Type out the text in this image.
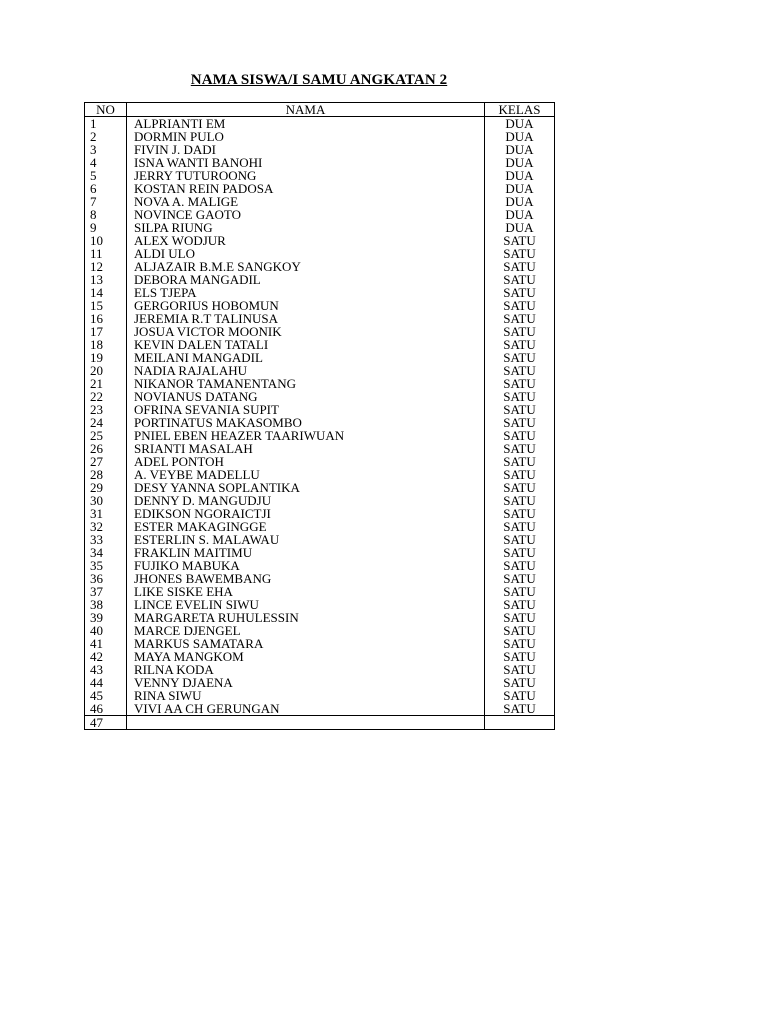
NAMA SISWA/I SAMU ANGKATAN 2
NO	NAMA	KELAS
1	ALPRIANTI EM	DUA
2	DORMIN PULO	DUA
3	FIVIN J. DADI	DUA
4	ISNA WANTI BANOHI	DUA
5	JERRY TUTUROONG	DUA
6	KOSTAN REIN PADOSA	DUA
7	NOVA A. MALIGE	DUA
8	NOVINCE GAOTO	DUA
9	SILPA RIUNG	DUA
10	ALEX WODJUR	SATU
11	ALDI ULO	SATU
12	ALJAZAIR B.M.E SANGKOY	SATU
13	DEBORA MANGADIL	SATU
14	ELS TJEPA	SATU
15	GERGORIUS HOBOMUN	SATU
16	JEREMIA R.T TALINUSA	SATU
17	JOSUA VICTOR MOONIK	SATU
18	KEVIN DALEN TATALI	SATU
19	MEILANI MANGADIL	SATU
20	NADIA RAJALAHU	SATU
21	NIKANOR TAMANENTANG	SATU
22	NOVIANUS DATANG	SATU
23	OFRINA SEVANIA SUPIT	SATU
24	PORTINATUS MAKASOMBO	SATU
25	PNIEL EBEN HEAZER TAARIWUAN	SATU
26	SRIANTI MASALAH	SATU
27	ADEL PONTOH	SATU
28	A. VEYBE MADELLU	SATU
29	DESY YANNA SOPLANTIKA	SATU
30	DENNY D. MANGUDJU	SATU
31	EDIKSON NGORAICTJI	SATU
32	ESTER MAKAGINGGE	SATU
33	ESTERLIN S. MALAWAU	SATU
34	FRAKLIN MAITIMU	SATU
35	FUJIKO MABUKA	SATU
36	JHONES BAWEMBANG	SATU
37	LIKE SISKE EHA	SATU
38	LINCE EVELIN SIWU	SATU
39	MARGARETA RUHULESSIN	SATU
40	MARCE DJENGEL	SATU
41	MARKUS SAMATARA	SATU
42	MAYA MANGKOM	SATU
43	RILNA KODA	SATU
44	VENNY DJAENA	SATU
45	RINA SIWU	SATU
46	VIVI AA CH GERUNGAN	SATU
47		
